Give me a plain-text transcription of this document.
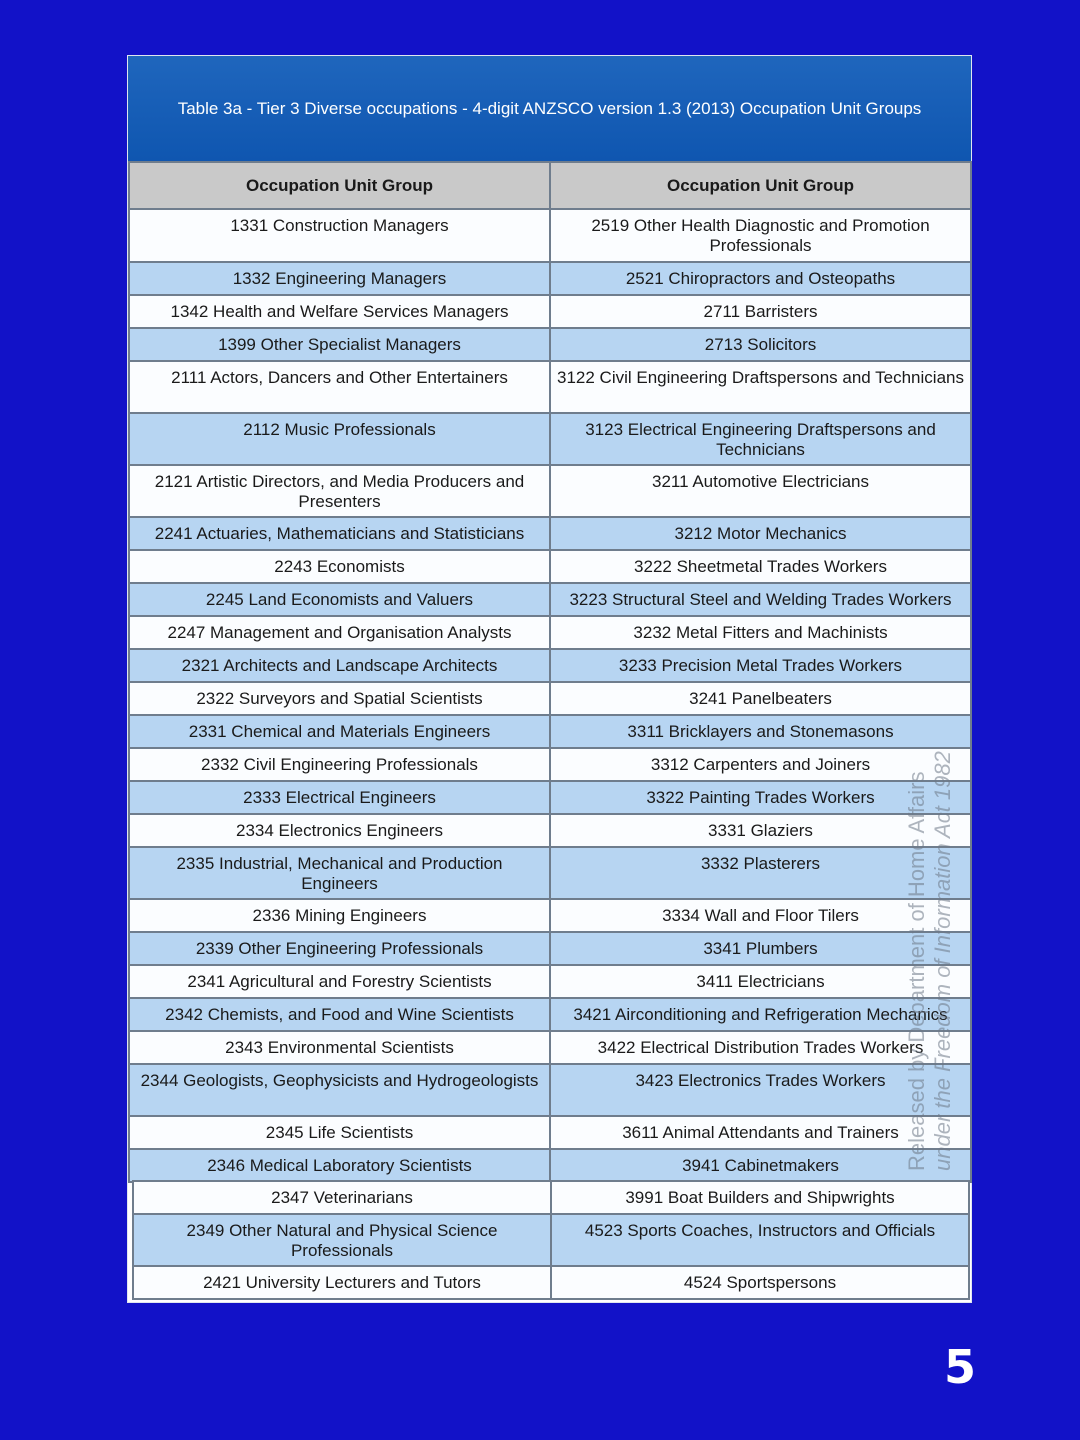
Table 3a - Tier 3 Diverse occupations - 4-digit ANZSCO version 1.3 (2013) Occupation Unit Groups
Occupation Unit Group	Occupation Unit Group
1331 Construction Managers	2519 Other Health Diagnostic and Promotion Professionals
1332 Engineering Managers	2521 Chiropractors and Osteopaths
1342 Health and Welfare Services Managers	2711 Barristers
1399 Other Specialist Managers	2713 Solicitors
2111 Actors, Dancers and Other Entertainers	3122 Civil Engineering Draftspersons and Technicians
2112 Music Professionals	3123 Electrical Engineering Draftspersons and Technicians
2121 Artistic Directors, and Media Producers and Presenters	3211 Automotive Electricians
2241 Actuaries, Mathematicians and Statisticians	3212 Motor Mechanics
2243 Economists	3222 Sheetmetal Trades Workers
2245 Land Economists and Valuers	3223 Structural Steel and Welding Trades Workers
2247 Management and Organisation Analysts	3232 Metal Fitters and Machinists
2321 Architects and Landscape Architects	3233 Precision Metal Trades Workers
2322 Surveyors and Spatial Scientists	3241 Panelbeaters
2331 Chemical and Materials Engineers	3311 Bricklayers and Stonemasons
2332 Civil Engineering Professionals	3312 Carpenters and Joiners
2333 Electrical Engineers	3322 Painting Trades Workers
2334 Electronics Engineers	3331 Glaziers
2335 Industrial, Mechanical and Production Engineers	3332 Plasterers
2336 Mining Engineers	3334 Wall and Floor Tilers
2339 Other Engineering Professionals	3341 Plumbers
2341 Agricultural and Forestry Scientists	3411 Electricians
2342 Chemists, and Food and Wine Scientists	3421 Airconditioning and Refrigeration Mechanics
2343 Environmental Scientists	3422 Electrical Distribution Trades Workers
2344 Geologists, Geophysicists and Hydrogeologists	3423 Electronics Trades Workers
2345 Life Scientists	3611 Animal Attendants and Trainers
2346 Medical Laboratory Scientists	3941 Cabinetmakers
2347 Veterinarians	3991 Boat Builders and Shipwrights
2349 Other Natural and Physical Science Professionals	4523 Sports Coaches, Instructors and Officials
2421 University Lecturers and Tutors	4524 Sportspersons
Released by Department of Home Affairs under the Freedom of Information Act 1982
5
